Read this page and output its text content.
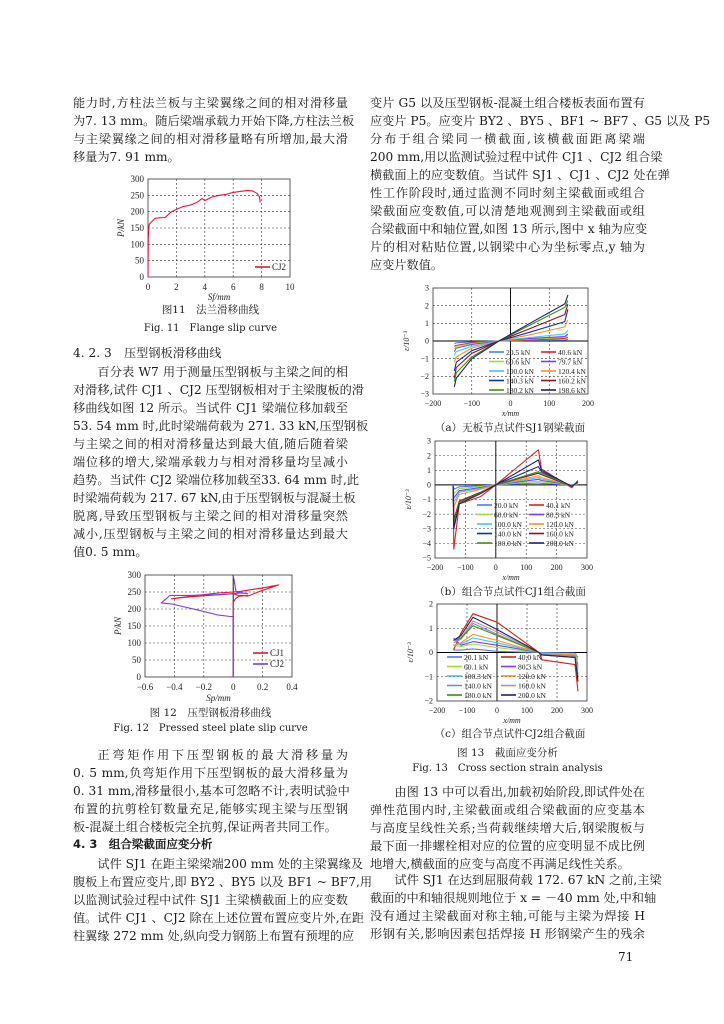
0	2	4	6	8 10
0
50
100
150
200
250
300
CJ2
Sf/mm
P/kN
−0.6 −0.4 −0.2 0 0.2 0.4
0
50
100
150
200
250
300
CJ1
CJ2
Sp/mm
P/kN
−200	−100	0	100	200
−3
−2
−1
0
1
2
3
20.5 kN	40.6 kN
60.6 kN	79.7 kN
100.0 kN	120.4 kN
140.3 kN	160.2 kN
180.2 kN	198.6 kN
x/mm
ε/10⁻³
−200 −100	0	100 200 300
−5
−4
−3
−2
−1
0
1
2
3
20.0 kN	40.1 kN
60.0 kN	80.3 kN
100.0 kN	120.0 kN
140.0 kN	160.0 kN
180.0 kN	200.0 kN
x/mm
ε/10⁻³
−200 −100 0	100 200 300
−2
−1
0
1
2
20.1 kN	40.0 kN
60.1 kN	80.3 kN
100.3 kN	120.0 kN
140.0 kN	160.0 kN
180.0 kN	200.0 kN
x/mm
ε/10⁻³
能力时,方柱法兰板与主梁翼缘之间的相对滑移量
为7. 13 mm。随后梁端承载力开始下降,方柱法兰板
与主梁翼缘之间的相对滑移量略有所增加,最大滑
移量为7. 91 mm。
图11　法兰滑移曲线
Fig. 11　Flange slip curve
4. 2. 3　压型钢板滑移曲线
百分表 W7 用于测量压型钢板与主梁之间的相
对滑移,试件 CJ1 、CJ2 压型钢板相对于主梁腹板的滑
移曲线如图 12 所示。当试件 CJ1 梁端位移加载至
53. 54 mm 时,此时梁端荷载为 271. 33 kN,压型钢板
与主梁之间的相对滑移量达到最大值,随后随着梁
端位移的增大,梁端承载力与相对滑移量均呈减小
趋势。当试件 CJ2 梁端位移加载至33. 64 mm 时,此
时梁端荷载为 217. 67 kN,由于压型钢板与混凝土板
脱离,导致压型钢板与主梁之间的相对滑移量突然
减小,压型钢板与主梁之间的相对滑移量达到最大
值0. 5 mm。
图 12　压型钢板滑移曲线
Fig. 12　Pressed steel plate slip curve
正弯矩作用下压型钢板的最大滑移量为
0. 5 mm,负弯矩作用下压型钢板的最大滑移量为
0. 31 mm,滑移量很小,基本可忽略不计,表明试验中
布置的抗剪栓钉数量充足,能够实现主梁与压型钢
板-混凝土组合楼板完全抗剪,保证两者共同工作。
4. 3　组合梁截面应变分析
试件 SJ1 在距主梁梁端200 mm 处的主梁翼缘及
腹板上布置应变片,即 BY2 、BY5 以及 BF1 ~ BF7,用
以监测试验过程中试件 SJ1 主梁横截面上的应变数
值。试件 CJ1 、CJ2 除在上述位置布置应变片外,在距
柱翼缘 272 mm 处,纵向受力钢筋上布置有预埋的应
变片 G5 以及压型钢板-混凝土组合楼板表面布置有
应变片 P5。应变片 BY2 、BY5 、BF1 ~ BF7 、G5 以及 P5
分布于组合梁同一横截面,该横截面距离梁端
200 mm,用以监测试验过程中试件 CJ1 、CJ2 组合梁
横截面上的应变数值。当试件 SJ1 、CJ1 、CJ2 处在弹
性工作阶段时,通过监测不同时刻主梁截面或组合
梁截面应变数值,可以清楚地观测到主梁截面或组
合梁截面中和轴位置,如图 13 所示,图中 x 轴为应变
片的相对粘贴位置,以钢梁中心为坐标零点,y 轴为
应变片数值。
（a）无板节点试件SJ1钢梁截面
（b）组合节点试件CJ1组合截面
（c）组合节点试件CJ2组合截面
图 13　截面应变分析
Fig. 13　Cross section strain analysis
由图 13 中可以看出,加载初始阶段,即试件处在
弹性范围内时,主梁截面或组合梁截面的应变基本
与高度呈线性关系;当荷载继续增大后,钢梁腹板与
最下面一排螺栓相对应的位置的应变明显不成比例
地增大,横截面的应变与高度不再满足线性关系。
试件 SJ1 在达到屈服荷载 172. 67 kN 之前,主梁
截面的中和轴很规则地位于 x = －40 mm 处,中和轴
没有通过主梁截面对称主轴,可能与主梁为焊接 H
形钢有关,影响因素包括焊接 H 形钢梁产生的残余
71
